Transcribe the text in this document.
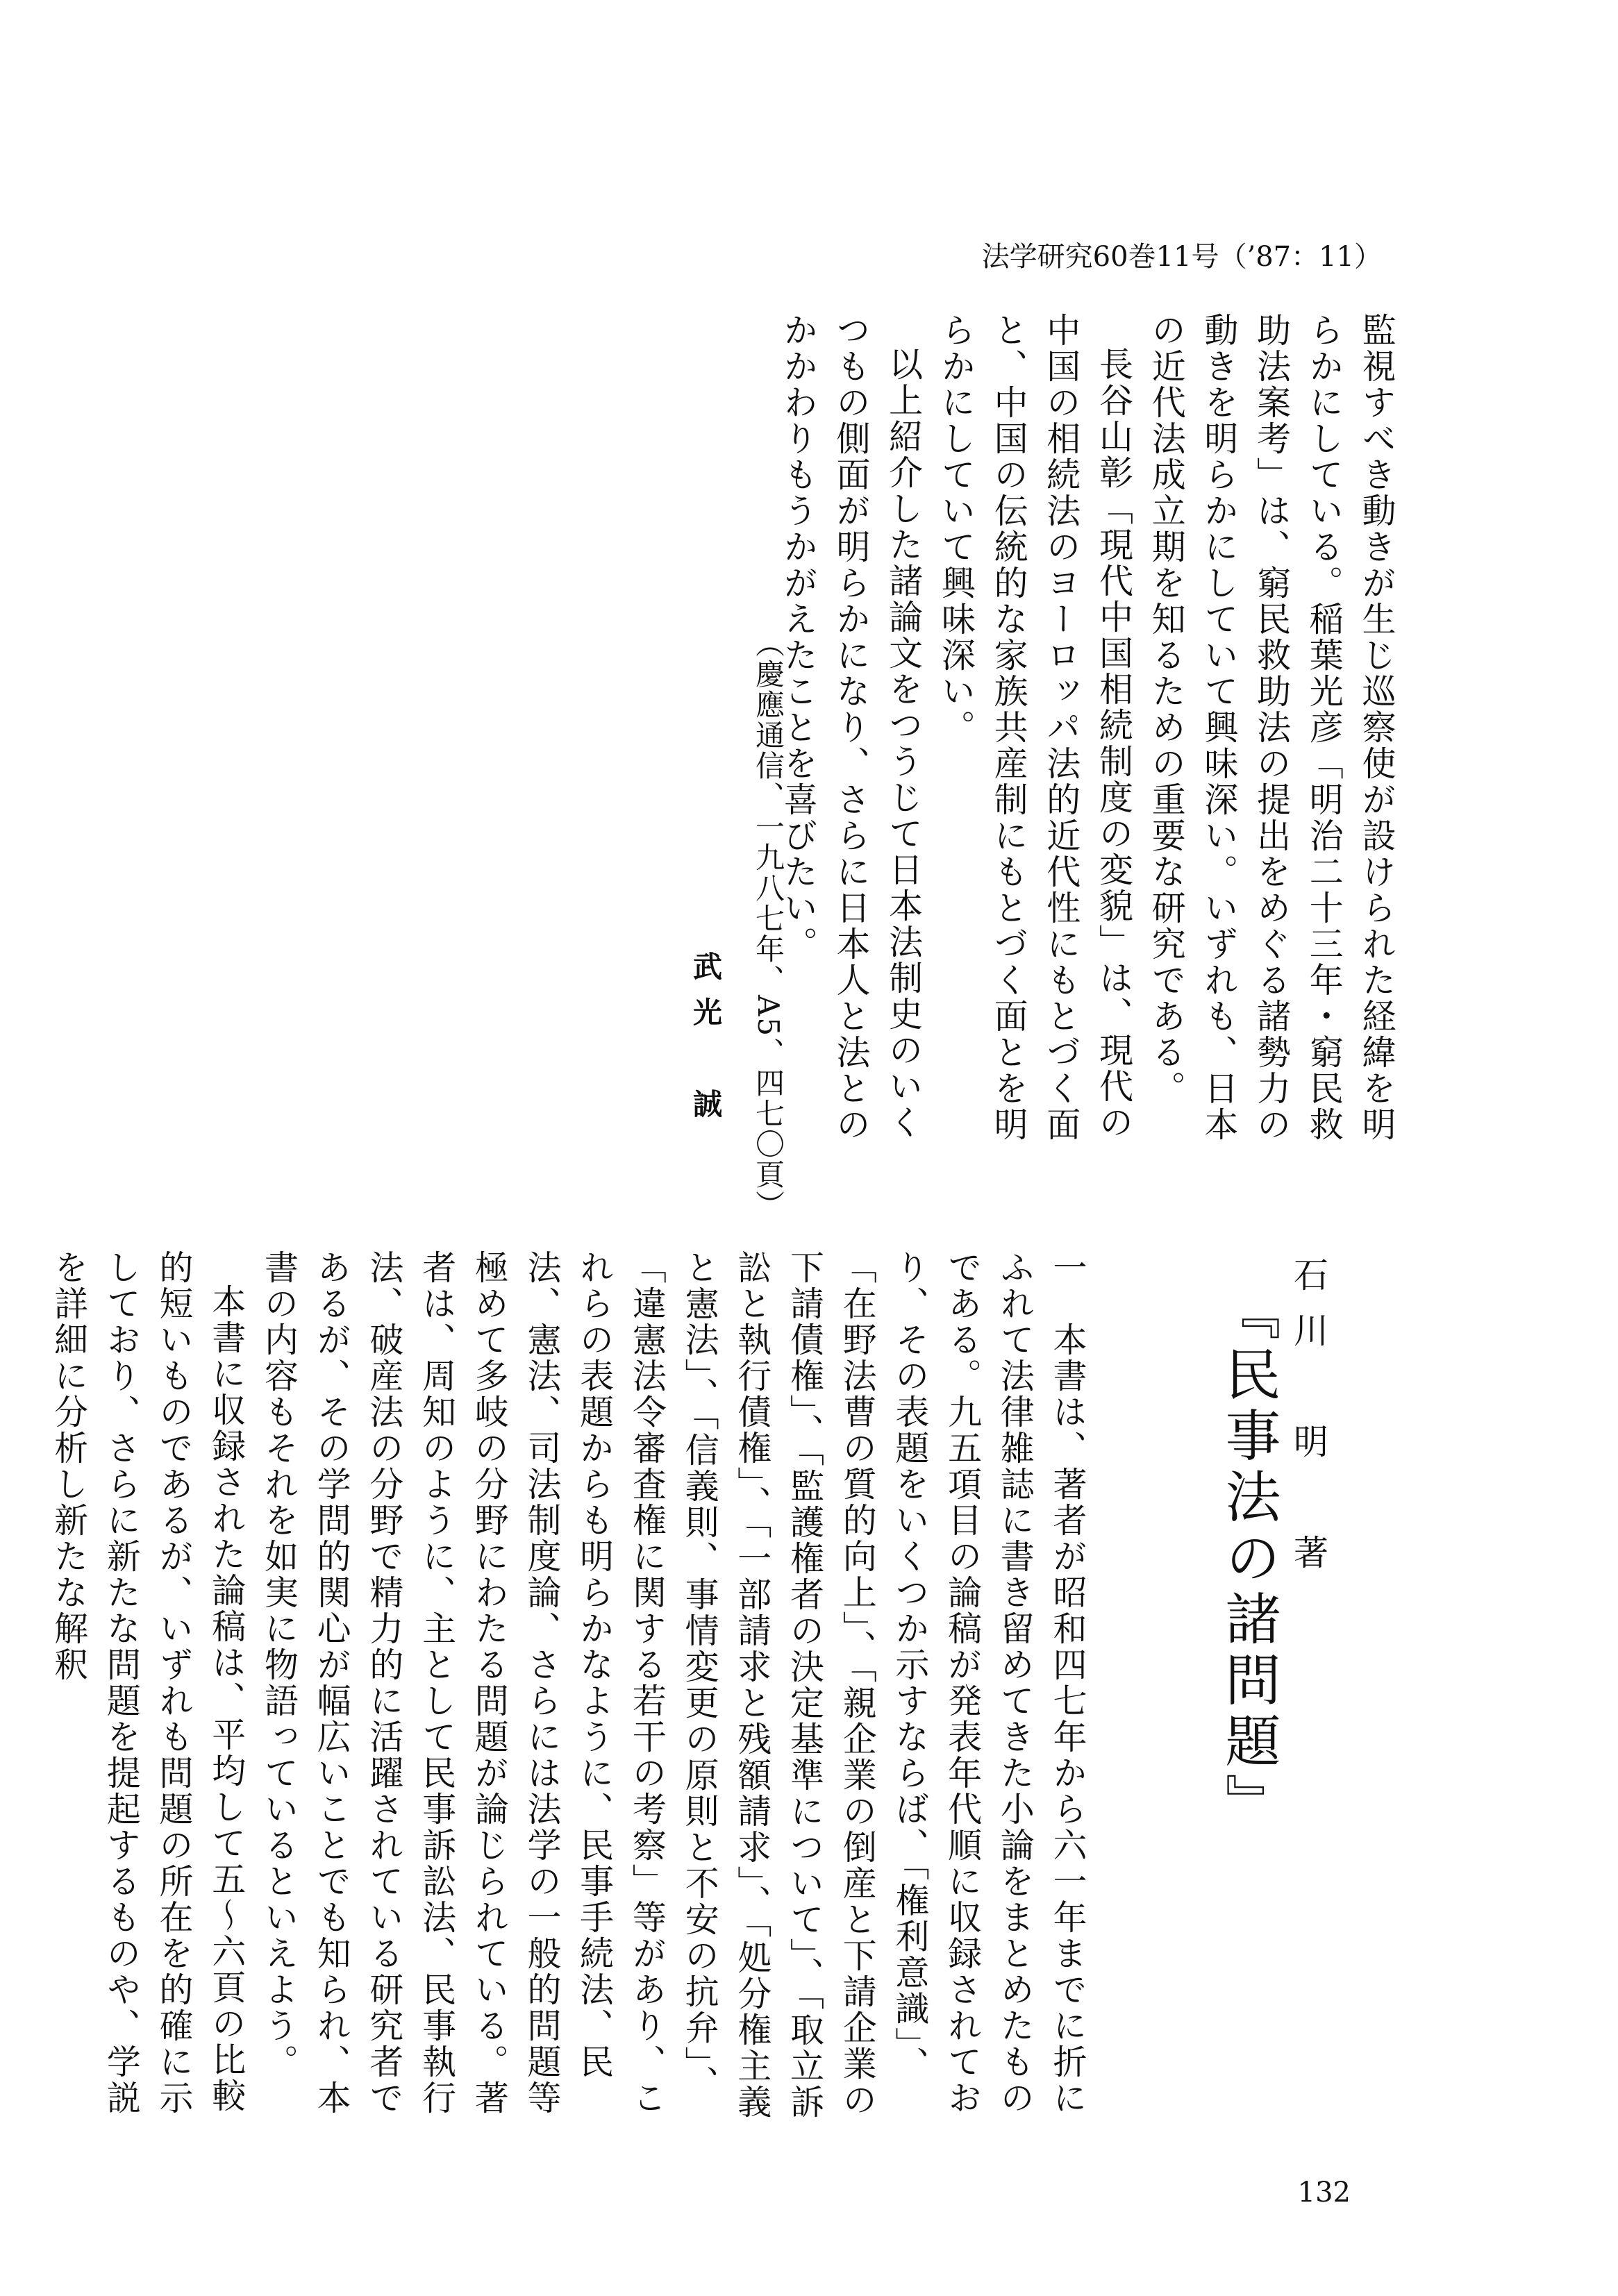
法学研究60巻11号（’87：11）

監視すべき動きが生じ巡察使が設けられた経緯を明らかにしている。稲葉光彦「明治二十三年・窮民救助法案考」は、窮民救助法の提出をめぐる諸勢力の動きを明らかにしていて興味深い。いずれも、日本の近代法成立期を知るための重要な研究である。

長谷山彰「現代中国相続制度の変貌」は、現代の中国の相続法のヨーロッパ法的近代性にもとづく面と、中国の伝統的な家族共産制にもとづく面とを明らかにしていて興味深い。

以上紹介した諸論文をつうじて日本法制史のいくつもの側面が明らかになり、さらに日本人と法とのかかわりもうかがえたことを喜びたい。

（慶應通信、一九八七年、A5、四七〇頁）
武光　誠
『民事法の諸問題』 石川　明　著

一　本書は、著者が昭和四七年から六一年までに折にふれて法律雑誌に書き留めてきた小論をまとめたものである。九五項目の論稿が発表年代順に収録されており、その表題をいくつか示すならば、「権利意識」、「在野法曹の質的向上」、「親企業の倒産と下請企業の下請債権」、「監護権者の決定基準について」、「取立訴訟と執行債権」、「一部請求と残額請求」、「処分権主義と憲法」、「信義則、事情変更の原則と不安の抗弁」、「違憲法令審査権に関する若干の考察」等があり、これらの表題からも明らかなように、民事手続法、民法、憲法、司法制度論、さらには法学の一般的問題等極めて多岐の分野にわたる問題が論じられている。著者は、周知のように、主として民事訴訟法、民事執行法、破産法の分野で精力的に活躍されている研究者であるが、その学問的関心が幅広いことでも知られ、本書の内容もそれを如実に物語っているといえよう。

本書に収録された論稿は、平均して五～六頁の比較的短いものであるが、いずれも問題の所在を的確に示しており、さらに新たな問題を提起するものや、学説を詳細に分析し新たな解釈

132
